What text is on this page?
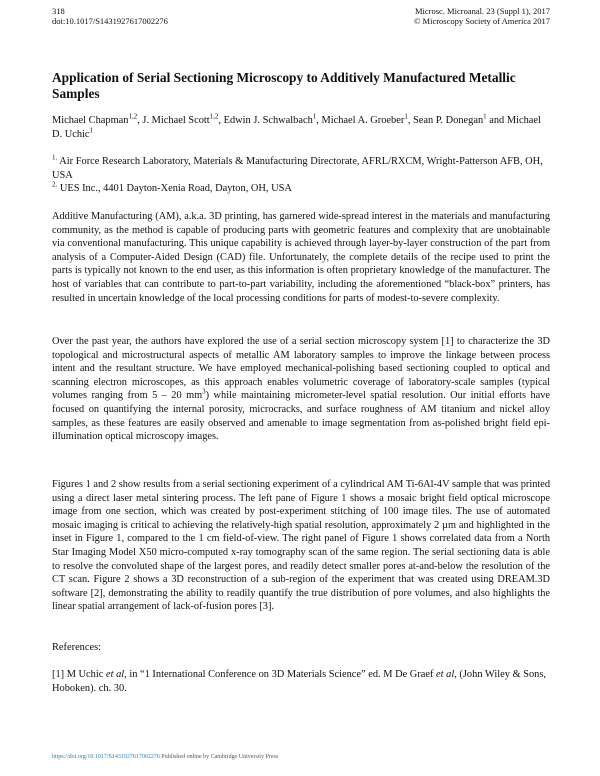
318
doi:10.1017/S1431927617002276
Microsc. Microanal. 23 (Suppl 1), 2017
© Microscopy Society of America 2017
Application of Serial Sectioning Microscopy to Additively Manufactured Metallic Samples
Michael Chapman$^{1,2}$, J. Michael Scott$^{1,2}$, Edwin J. Schwalbach$^1$, Michael A. Groeber$^1$, Sean P. Donegan$^1$ and Michael D. Uchic$^1$

$^{1.}$ Air Force Research Laboratory, Materials & Manufacturing Directorate, AFRL/RXCM, Wright-Patterson AFB, OH, USA

$^{2.}$ UES Inc., 4401 Dayton-Xenia Road, Dayton, OH, USA

Additive Manufacturing (AM), a.k.a. 3D printing, has garnered wide-spread interest in the materials and manufacturing community, as the method is capable of producing parts with geometric features and complexity that are unobtainable via conventional manufacturing. This unique capability is achieved through layer-by-layer construction of the part from analysis of a Computer-Aided Design (CAD) file. Unfortunately, the complete details of the recipe used to print the parts is typically not known to the end user, as this information is often proprietary knowledge of the manufacturer. The host of variables that can contribute to part-to-part variability, including the aforementioned “black-box” printers, has resulted in uncertain knowledge of the local processing conditions for parts of modest-to-severe complexity.

Over the past year, the authors have explored the use of a serial section microscopy system [1] to characterize the 3D topological and microstructural aspects of metallic AM laboratory samples to improve the linkage between process intent and the resultant structure. We have employed mechanical-polishing based sectioning coupled to optical and scanning electron microscopes, as this approach enables volumetric coverage of laboratory-scale samples (typical volumes ranging from 5 – 20 $mm^3$) while maintaining micrometer-level spatial resolution. Our initial efforts have focused on quantifying the internal porosity, microcracks, and surface roughness of AM titanium and nickel alloy samples, as these features are easily observed and amenable to image segmentation from as-polished bright field epi-illumination optical microscopy images.

Figures 1 and 2 show results from a serial sectioning experiment of a cylindrical AM Ti-6Al-4V sample that was printed using a direct laser metal sintering process. The left pane of Figure 1 shows a mosaic bright field optical microscope image from one section, which was created by post-experiment stitching of 100 image tiles. The use of automated mosaic imaging is critical to achieving the relatively-high spatial resolution, approximately 2 µm and highlighted in the inset in Figure 1, compared to the 1 cm field-of-view. The right panel of Figure 1 shows correlated data from a North Star Imaging Model X50 micro-computed x-ray tomography scan of the same region. The serial sectioning data is able to resolve the convoluted shape of the largest pores, and readily detect smaller pores at-and-below the resolution of the CT scan. Figure 2 shows a 3D reconstruction of a sub-region of the experiment that was created using DREAM.3D software [2], demonstrating the ability to readily quantify the true distribution of pore volumes, and also highlights the linear spatial arrangement of lack-of-fusion pores [3].

References:
[1] M Uchic et al, in “1 International Conference on 3D Materials Science” ed. M De Graef et al, (John Wiley & Sons, Hoboken). ch. 30.
https://doi.org/10.1017/S1431927617002276 Published online by Cambridge University Press
